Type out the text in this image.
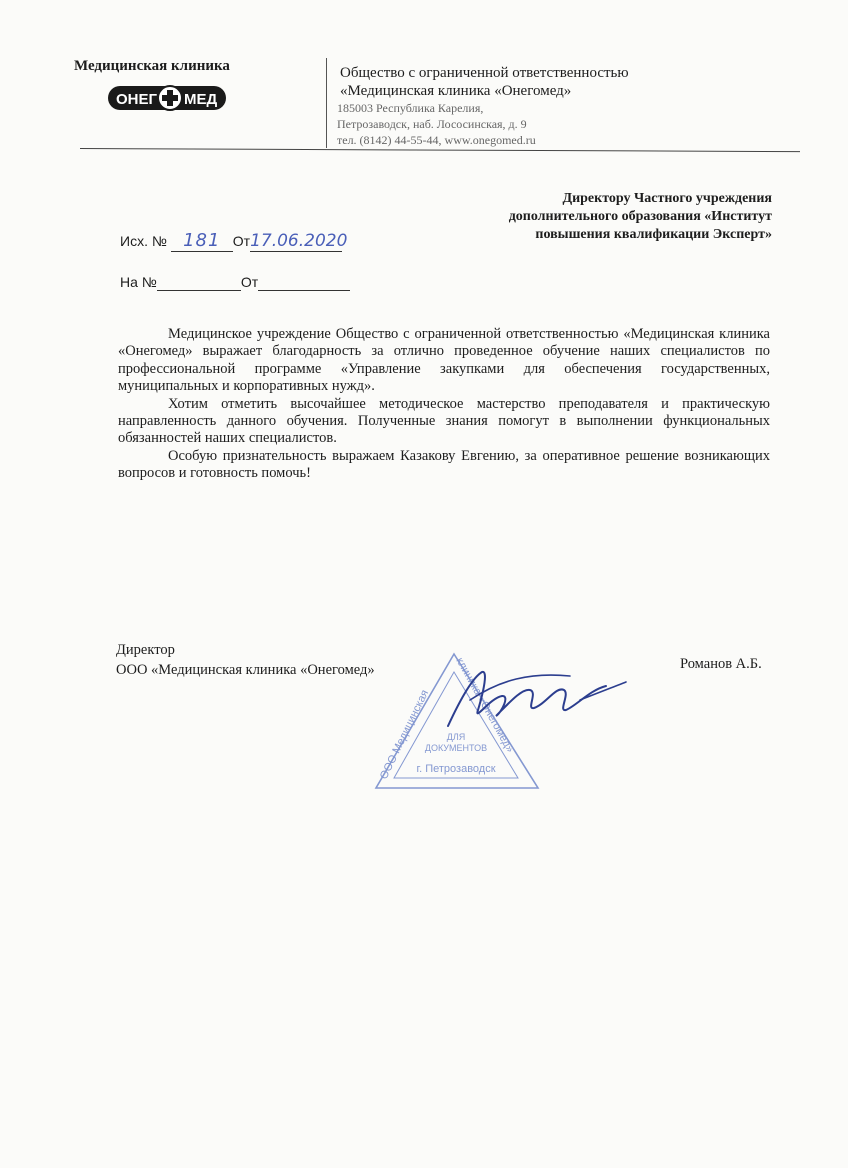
Медицинская клиника
ОНЕГ МЕД
Общество с ограниченной ответственностью
«Медицинская клиника «Онегомед»
185003 Республика Карелия,
Петрозаводск, наб. Лососинская, д. 9
тел. (8142) 44-55-44, www.onegomed.ru
Директору Частного учреждения
дополнительного образования «Институт
повышения квалификации Эксперт»
Исх. № 181 От17.06.2020
На №	От

Медицинское учреждение Общество с ограниченной ответственностью «Медицинская клиника «Онегомед» выражает благодарность за отлично проведенное обучение наших специалистов по профессиональной программе «Управление закупками для обеспечения государственных, муниципальных и корпоративных нужд».

Хотим отметить высочайшее методическое мастерство преподавателя и практическую направленность данного обучения. Полученные знания помогут в выполнении функциональных обязанностей наших специалистов.

Особую признательность выражаем Казакову Евгению, за оперативное решение возникающих вопросов и готовность помочь!

Директор
ООО «Медицинская клиника «Онегомед»
ООО Медицинская
клиника «Онегомед»
ДЛЯ
ДОКУМЕНТОВ
г. Петрозаводск
Романов А.Б.
